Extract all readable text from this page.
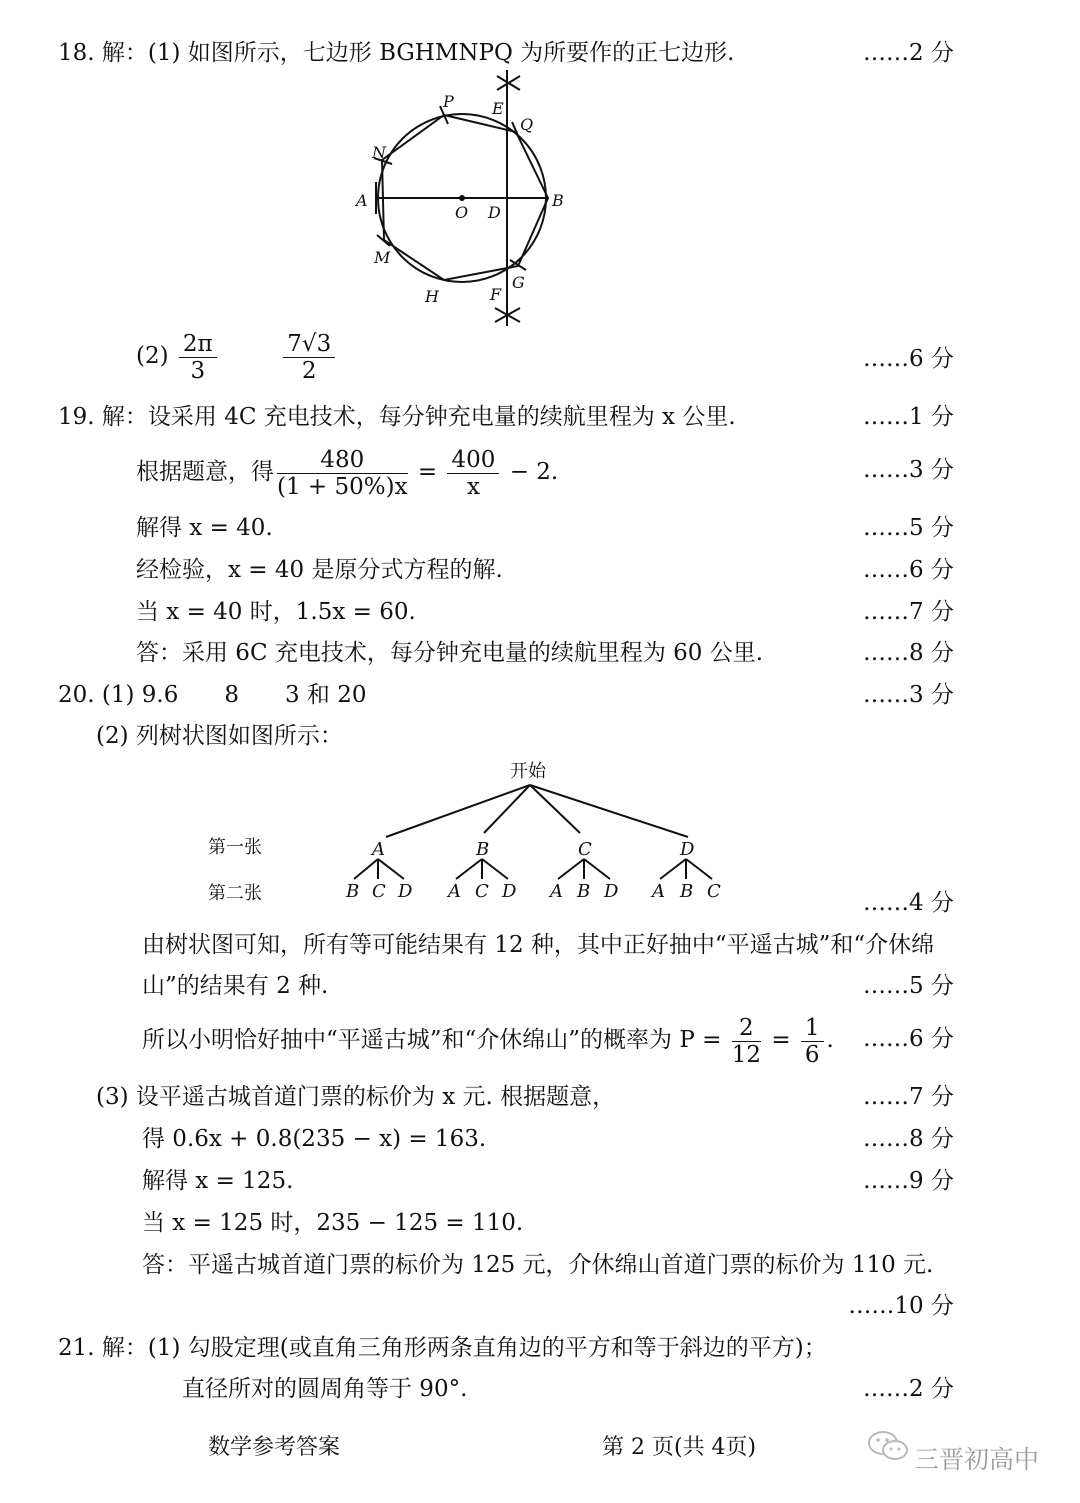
18. 解：(1) 如图所示，七边形 BGHMNPQ 为所要作的正七边形.	……2 分
P E
Q
N
A
O D
B
M
G
H	F
$(2) \frac{2\pi}{3}$
	$\frac{7√3}{2}$	……6 分
19. 解：设采用 4C 充电技术，每分钟充电量的续航里程为 x 公里.	……1 分
根据题意，得 $\frac{480}{(1 + 50\%)x} = \frac{400}{x} - 2$.	……3 分
解得 x = 40.	……5 分
经检验，x = 40 是原分式方程的解.	……6 分
当 x = 40 时，1.5x = 60.	……7 分
答：采用 6C 充电技术，每分钟充电量的续航里程为 60 公里.	……8 分
20. (1) 9.6　　8　　3 和 20	……3 分
(2) 列树状图如图所示：
开始
第一张
第二张
A	B	C	D
B C D A C D A B D A B C	……4 分
由树状图可知，所有等可能结果有 12 种，其中正好抽中“平遥古城”和“介休绵
山”的结果有 2 种.	……5 分
所以小明恰好抽中“平遥古城”和“介休绵山”的概率为 $P = \frac{2}{12} = \frac{1}{6}$ . ……6 分
(3) 设平遥古城首道门票的标价为 x 元. 根据题意，	……7 分
得 0.6x + 0.8(235 − x) = 163.	……8 分
解得 x = 125.	……9 分
当 x = 125 时，235 − 125 = 110.
答：平遥古城首道门票的标价为 125 元，介休绵山首道门票的标价为 110 元.
……10 分
21. 解：(1) 勾股定理(或直角三角形两条直角边的平方和等于斜边的平方)；
直径所对的圆周角等于 90°.	……2 分
数学参考答案	第 2 页(共 4页)	三晋初高中
